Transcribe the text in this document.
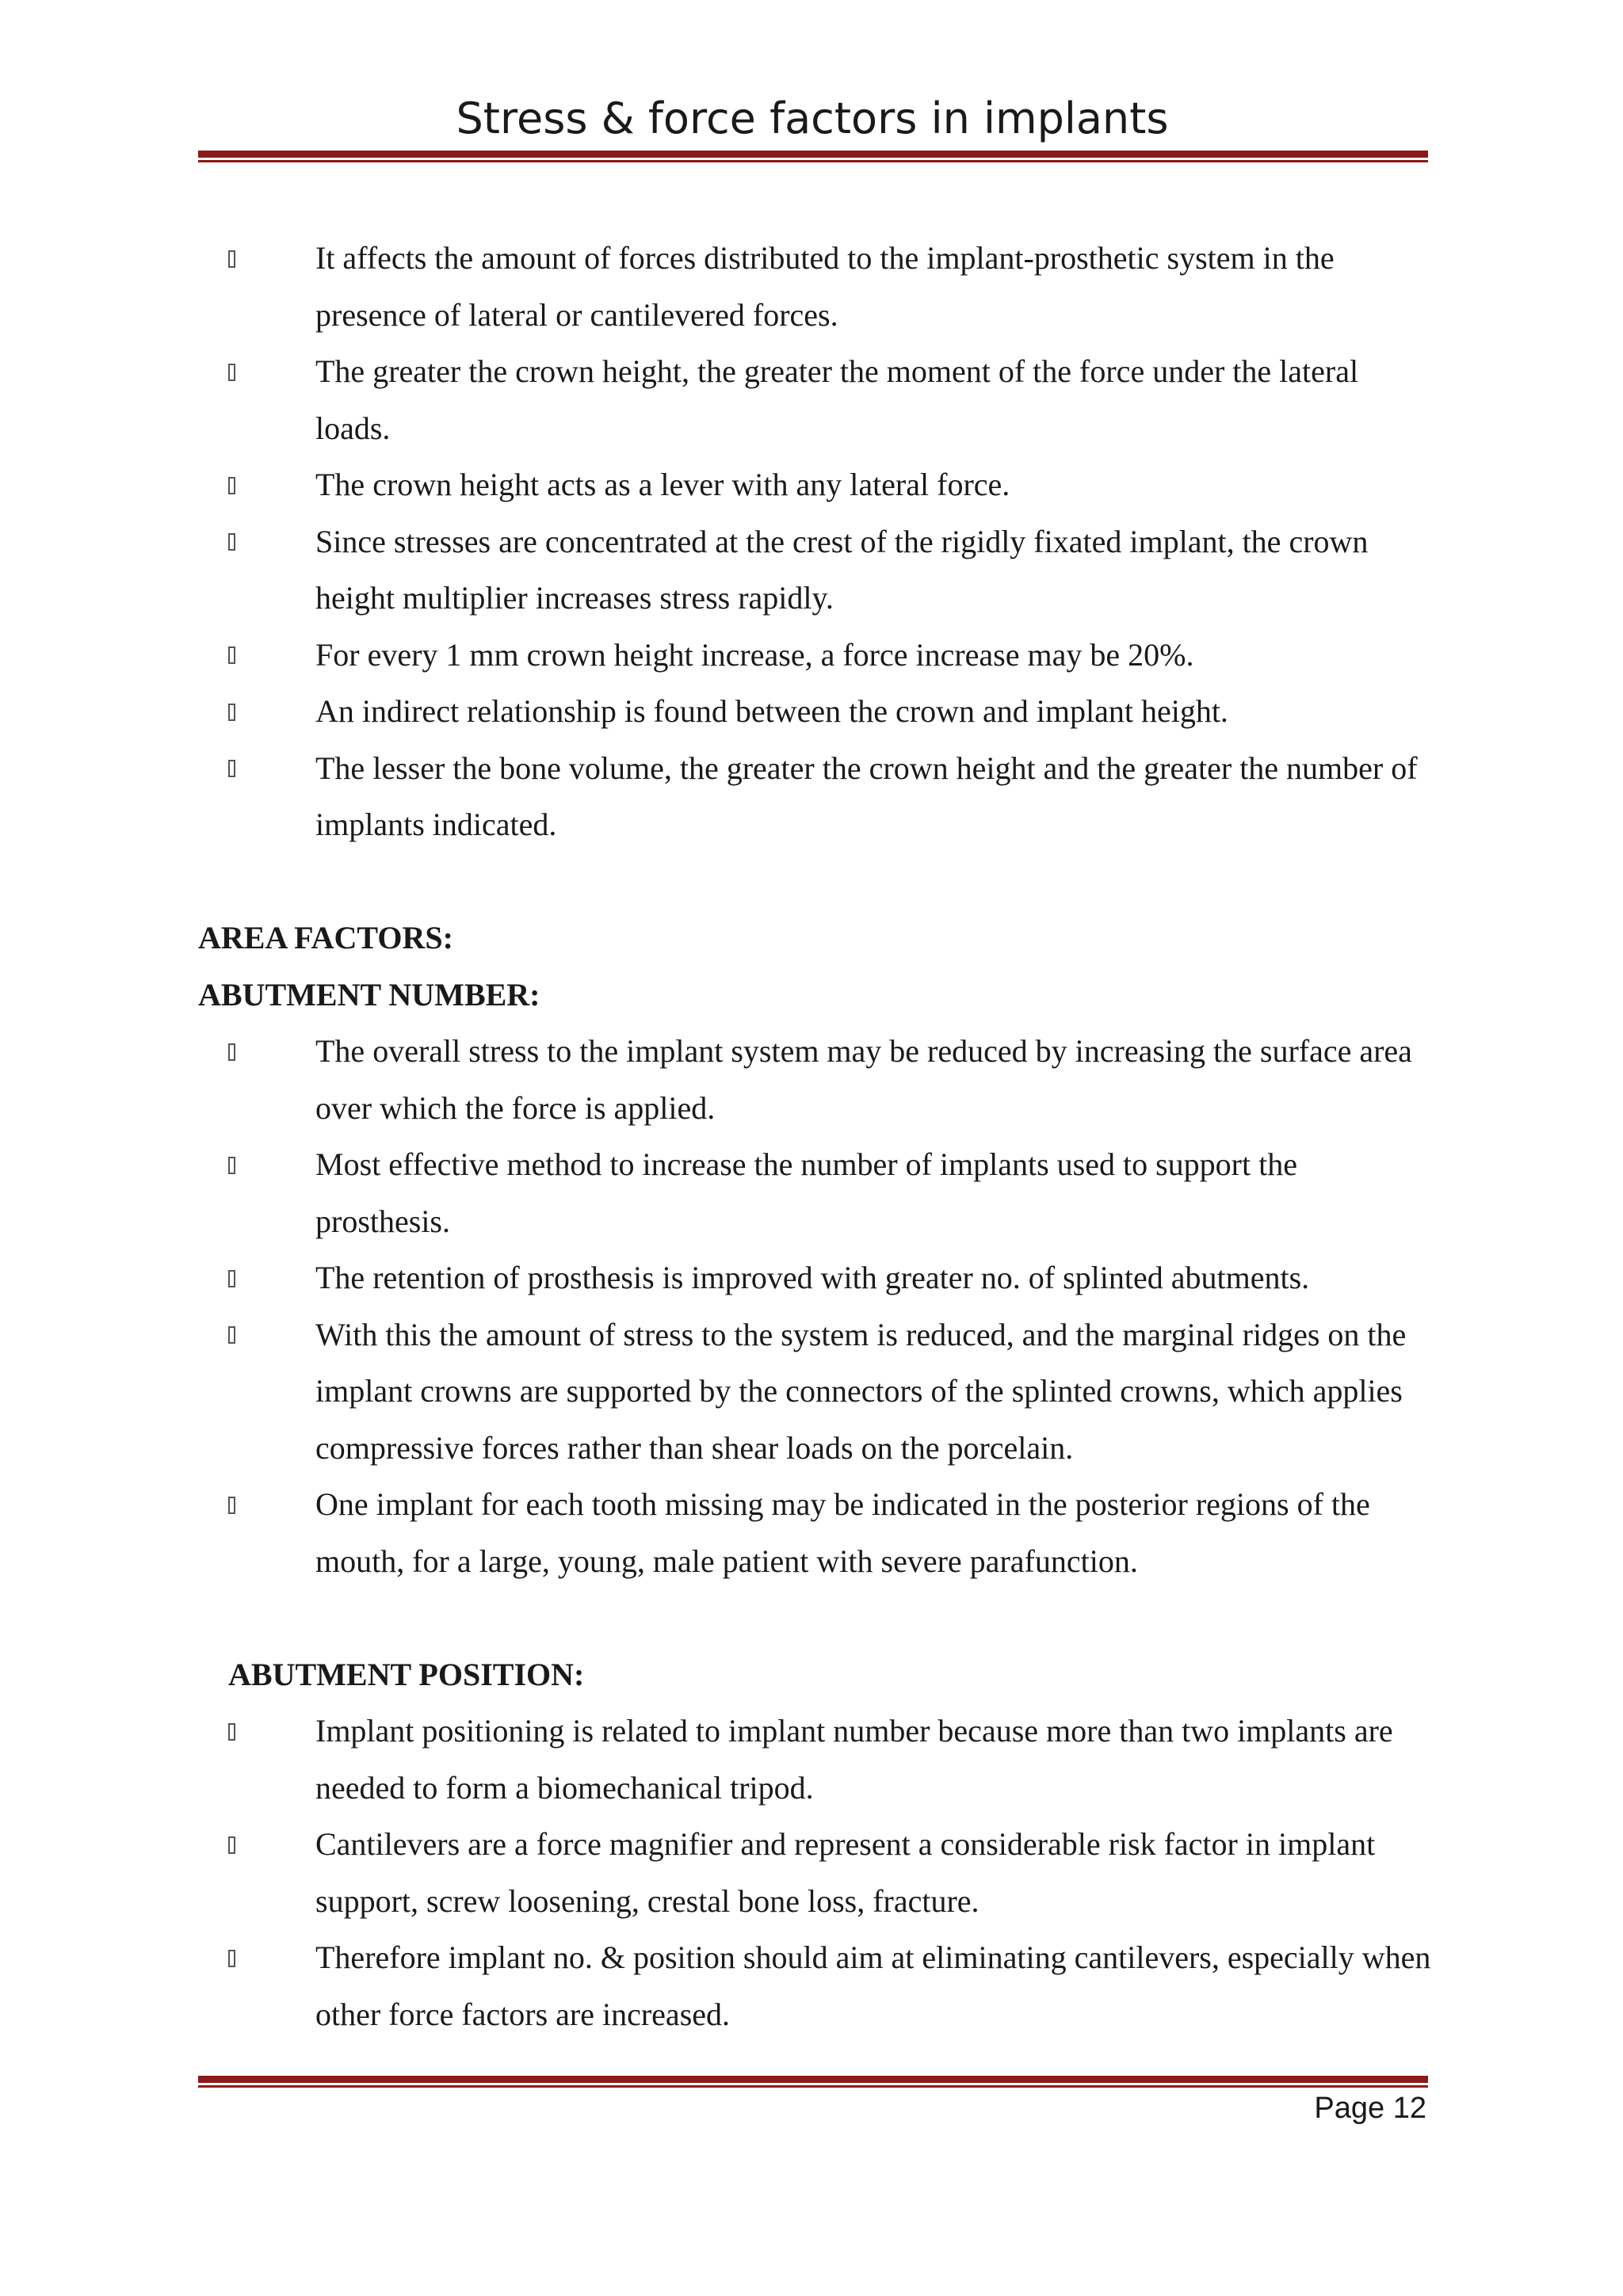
Stress & force factors in implants
It affects the amount of forces distributed to the implant-prosthetic system in the presence of lateral or cantilevered forces.
The greater the crown height, the greater the moment of the force under the lateral loads.
The crown height acts as a lever with any lateral force.
Since stresses are concentrated at the crest of the rigidly fixated implant, the crown height multiplier increases stress rapidly.
For every 1 mm crown height increase, a force increase may be 20%.
An indirect relationship is found between the crown and implant height.
The lesser the bone volume, the greater the crown height and the greater the number of implants indicated.
AREA FACTORS:
ABUTMENT NUMBER:
The overall stress to the implant system may be reduced by increasing the surface area over which the force is applied.
Most effective method to increase the number of implants used to support the prosthesis.
The retention of prosthesis is improved with greater no. of splinted abutments.
With this the amount of stress to the system is reduced, and the marginal ridges on the implant crowns are supported by the connectors of the splinted crowns, which applies compressive forces rather than shear loads on the porcelain.
One implant for each tooth missing may be indicated in the posterior regions of the mouth, for a large, young, male patient with severe parafunction.
ABUTMENT POSITION:
Implant positioning is related to implant number because more than two implants are needed to form a biomechanical tripod.
Cantilevers are a force magnifier and represent a considerable risk factor in implant support, screw loosening, crestal bone loss, fracture.
Therefore implant no. & position should aim at eliminating cantilevers, especially when other force factors are increased.
Page 12
